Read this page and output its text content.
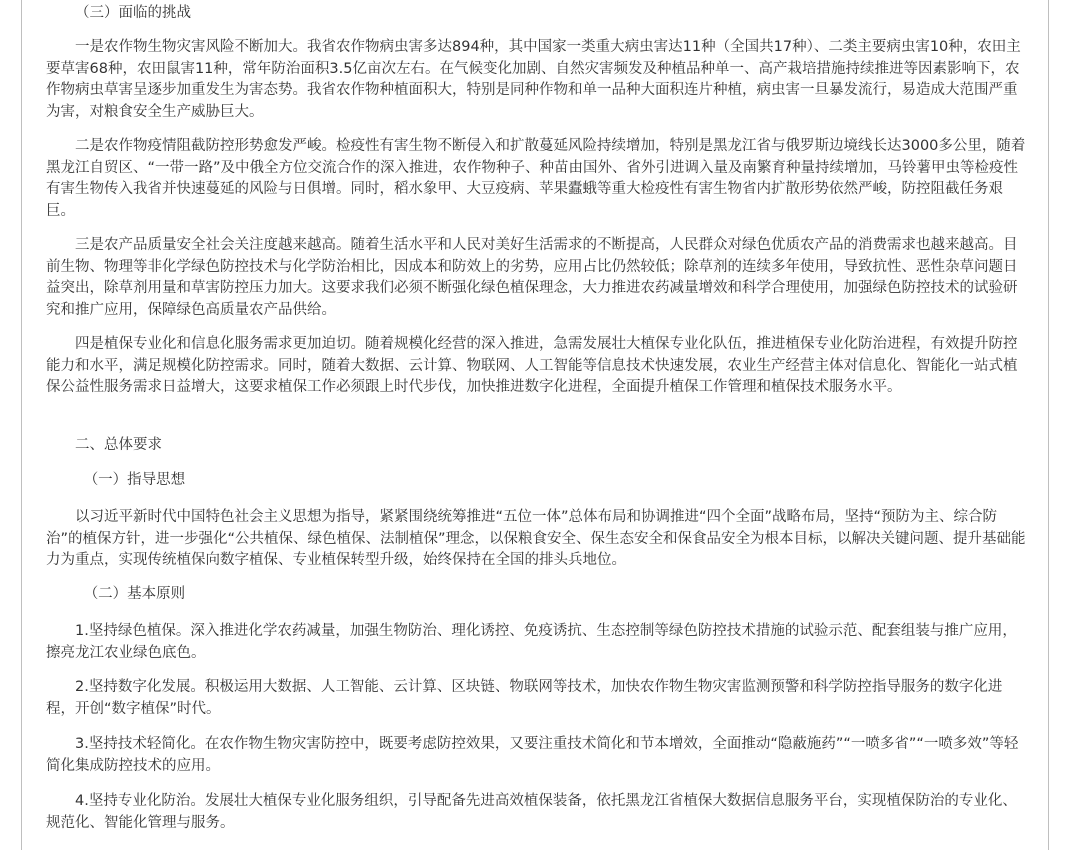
（三）面临的挑战

一是农作物生物灾害风险不断加大。我省农作物病虫害多达894种，其中国家一类重大病虫害达11种（全国共17种）、二类主要病虫害10种，农田主要草害68种，农田鼠害11种，常年防治面积3.5亿亩次左右。在气候变化加剧、自然灾害频发及种植品种单一、高产栽培措施持续推进等因素影响下，农作物病虫草害呈逐步加重发生为害态势。我省农作物种植面积大，特别是同种作物和单一品种大面积连片种植，病虫害一旦暴发流行，易造成大范围严重为害，对粮食安全生产威胁巨大。

二是农作物疫情阻截防控形势愈发严峻。检疫性有害生物不断侵入和扩散蔓延风险持续增加，特别是黑龙江省与俄罗斯边境线长达3000多公里，随着黑龙江自贸区、“一带一路”及中俄全方位交流合作的深入推进，农作物种子、种苗由国外、省外引进调入量及南繁育种量持续增加，马铃薯甲虫等检疫性有害生物传入我省并快速蔓延的风险与日俱增。同时，稻水象甲、大豆疫病、苹果蠹蛾等重大检疫性有害生物省内扩散形势依然严峻，防控阻截任务艰巨。

三是农产品质量安全社会关注度越来越高。随着生活水平和人民对美好生活需求的不断提高，人民群众对绿色优质农产品的消费需求也越来越高。目前生物、物理等非化学绿色防控技术与化学防治相比，因成本和防效上的劣势，应用占比仍然较低；除草剂的连续多年使用，导致抗性、恶性杂草问题日益突出，除草剂用量和草害防控压力加大。这要求我们必须不断强化绿色植保理念，大力推进农药减量增效和科学合理使用，加强绿色防控技术的试验研究和推广应用，保障绿色高质量农产品供给。

四是植保专业化和信息化服务需求更加迫切。随着规模化经营的深入推进，急需发展壮大植保专业化队伍，推进植保专业化防治进程，有效提升防控能力和水平，满足规模化防控需求。同时，随着大数据、云计算、物联网、人工智能等信息技术快速发展，农业生产经营主体对信息化、智能化一站式植保公益性服务需求日益增大，这要求植保工作必须跟上时代步伐，加快推进数字化进程，全面提升植保工作管理和植保技术服务水平。

二、总体要求

（一）指导思想

以习近平新时代中国特色社会主义思想为指导，紧紧围绕统筹推进“五位一体”总体布局和协调推进“四个全面”战略布局，坚持“预防为主、综合防治”的植保方针，进一步强化“公共植保、绿色植保、法制植保”理念，以保粮食安全、保生态安全和保食品安全为根本目标，以解决关键问题、提升基础能力为重点，实现传统植保向数字植保、专业植保转型升级，始终保持在全国的排头兵地位。

（二）基本原则

1.坚持绿色植保。深入推进化学农药减量，加强生物防治、理化诱控、免疫诱抗、生态控制等绿色防控技术措施的试验示范、配套组装与推广应用，擦亮龙江农业绿色底色。

2.坚持数字化发展。积极运用大数据、人工智能、云计算、区块链、物联网等技术，加快农作物生物灾害监测预警和科学防控指导服务的数字化进程，开创“数字植保”时代。

3.坚持技术轻简化。在农作物生物灾害防控中，既要考虑防控效果，又要注重技术简化和节本增效，全面推动“隐蔽施药”“一喷多省”“一喷多效”等轻简化集成防控技术的应用。

4.坚持专业化防治。发展壮大植保专业化服务组织，引导配备先进高效植保装备，依托黑龙江省植保大数据信息服务平台，实现植保防治的专业化、规范化、智能化管理与服务。
